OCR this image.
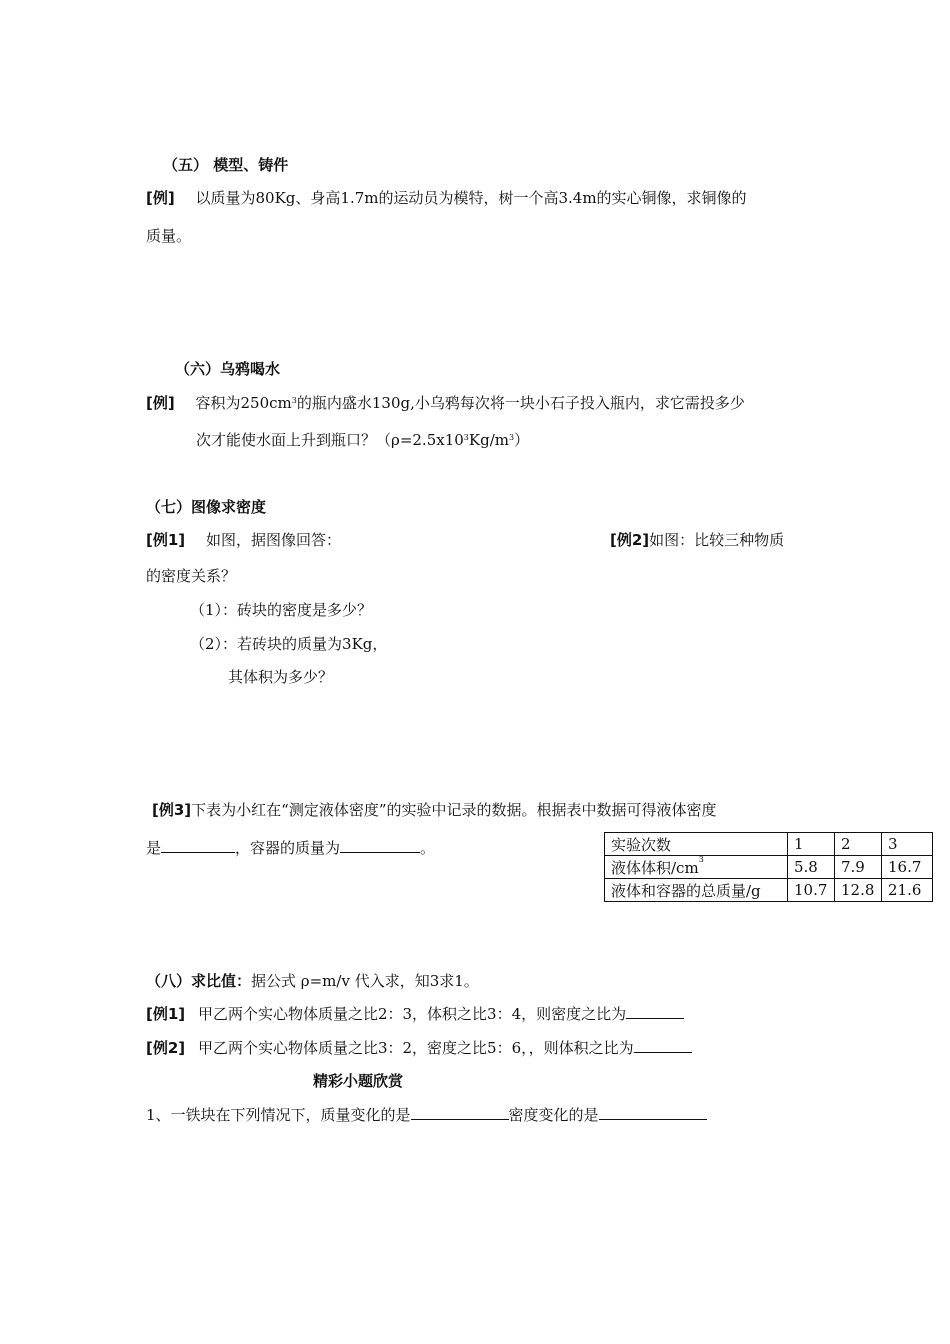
（五） 模型、铸件
[例] 以质量为80Kg、身高1.7m的运动员为模特，树一个高3.4m的实心铜像，求铜像的
质量。
（六）乌鸦喝水
[例] 容积为$250cm^3$的瓶内盛水130g,小乌鸦每次将一块小石子投入瓶内，求它需投多少
次才能使水面上升到瓶口？$(\rho=2.5x10^3Kg/m^3)$
（七）图像求密度
[例1] 如图，据图像回答：	[例2]如图：比较三种物质
的密度关系？
（1）：砖块的密度是多少？
（2）：若砖块的质量为3Kg，
其体积为多少？
[例3]下表为小红在“测定液体密度”的实验中记录的数据。根据表中数据可得液体密度
是	，容器的质量为	。	实验次数	1	2	3
液体体积$/cm^3$	5.8	7.9	16.7
液体和容器的总质量/g	10.7	12.8	21.6
（八）求比值：据公式 ρ=m/v 代入求，知3求1。
[例1] 甲乙两个实心物体质量之比2：3，体积之比3：4，则密度之比为
[例2] 甲乙两个实心物体质量之比3：2，密度之比5：6，，则体积之比为
精彩小题欣赏
1、一铁块在下列情况下，质量变化的是	密度变化的是
